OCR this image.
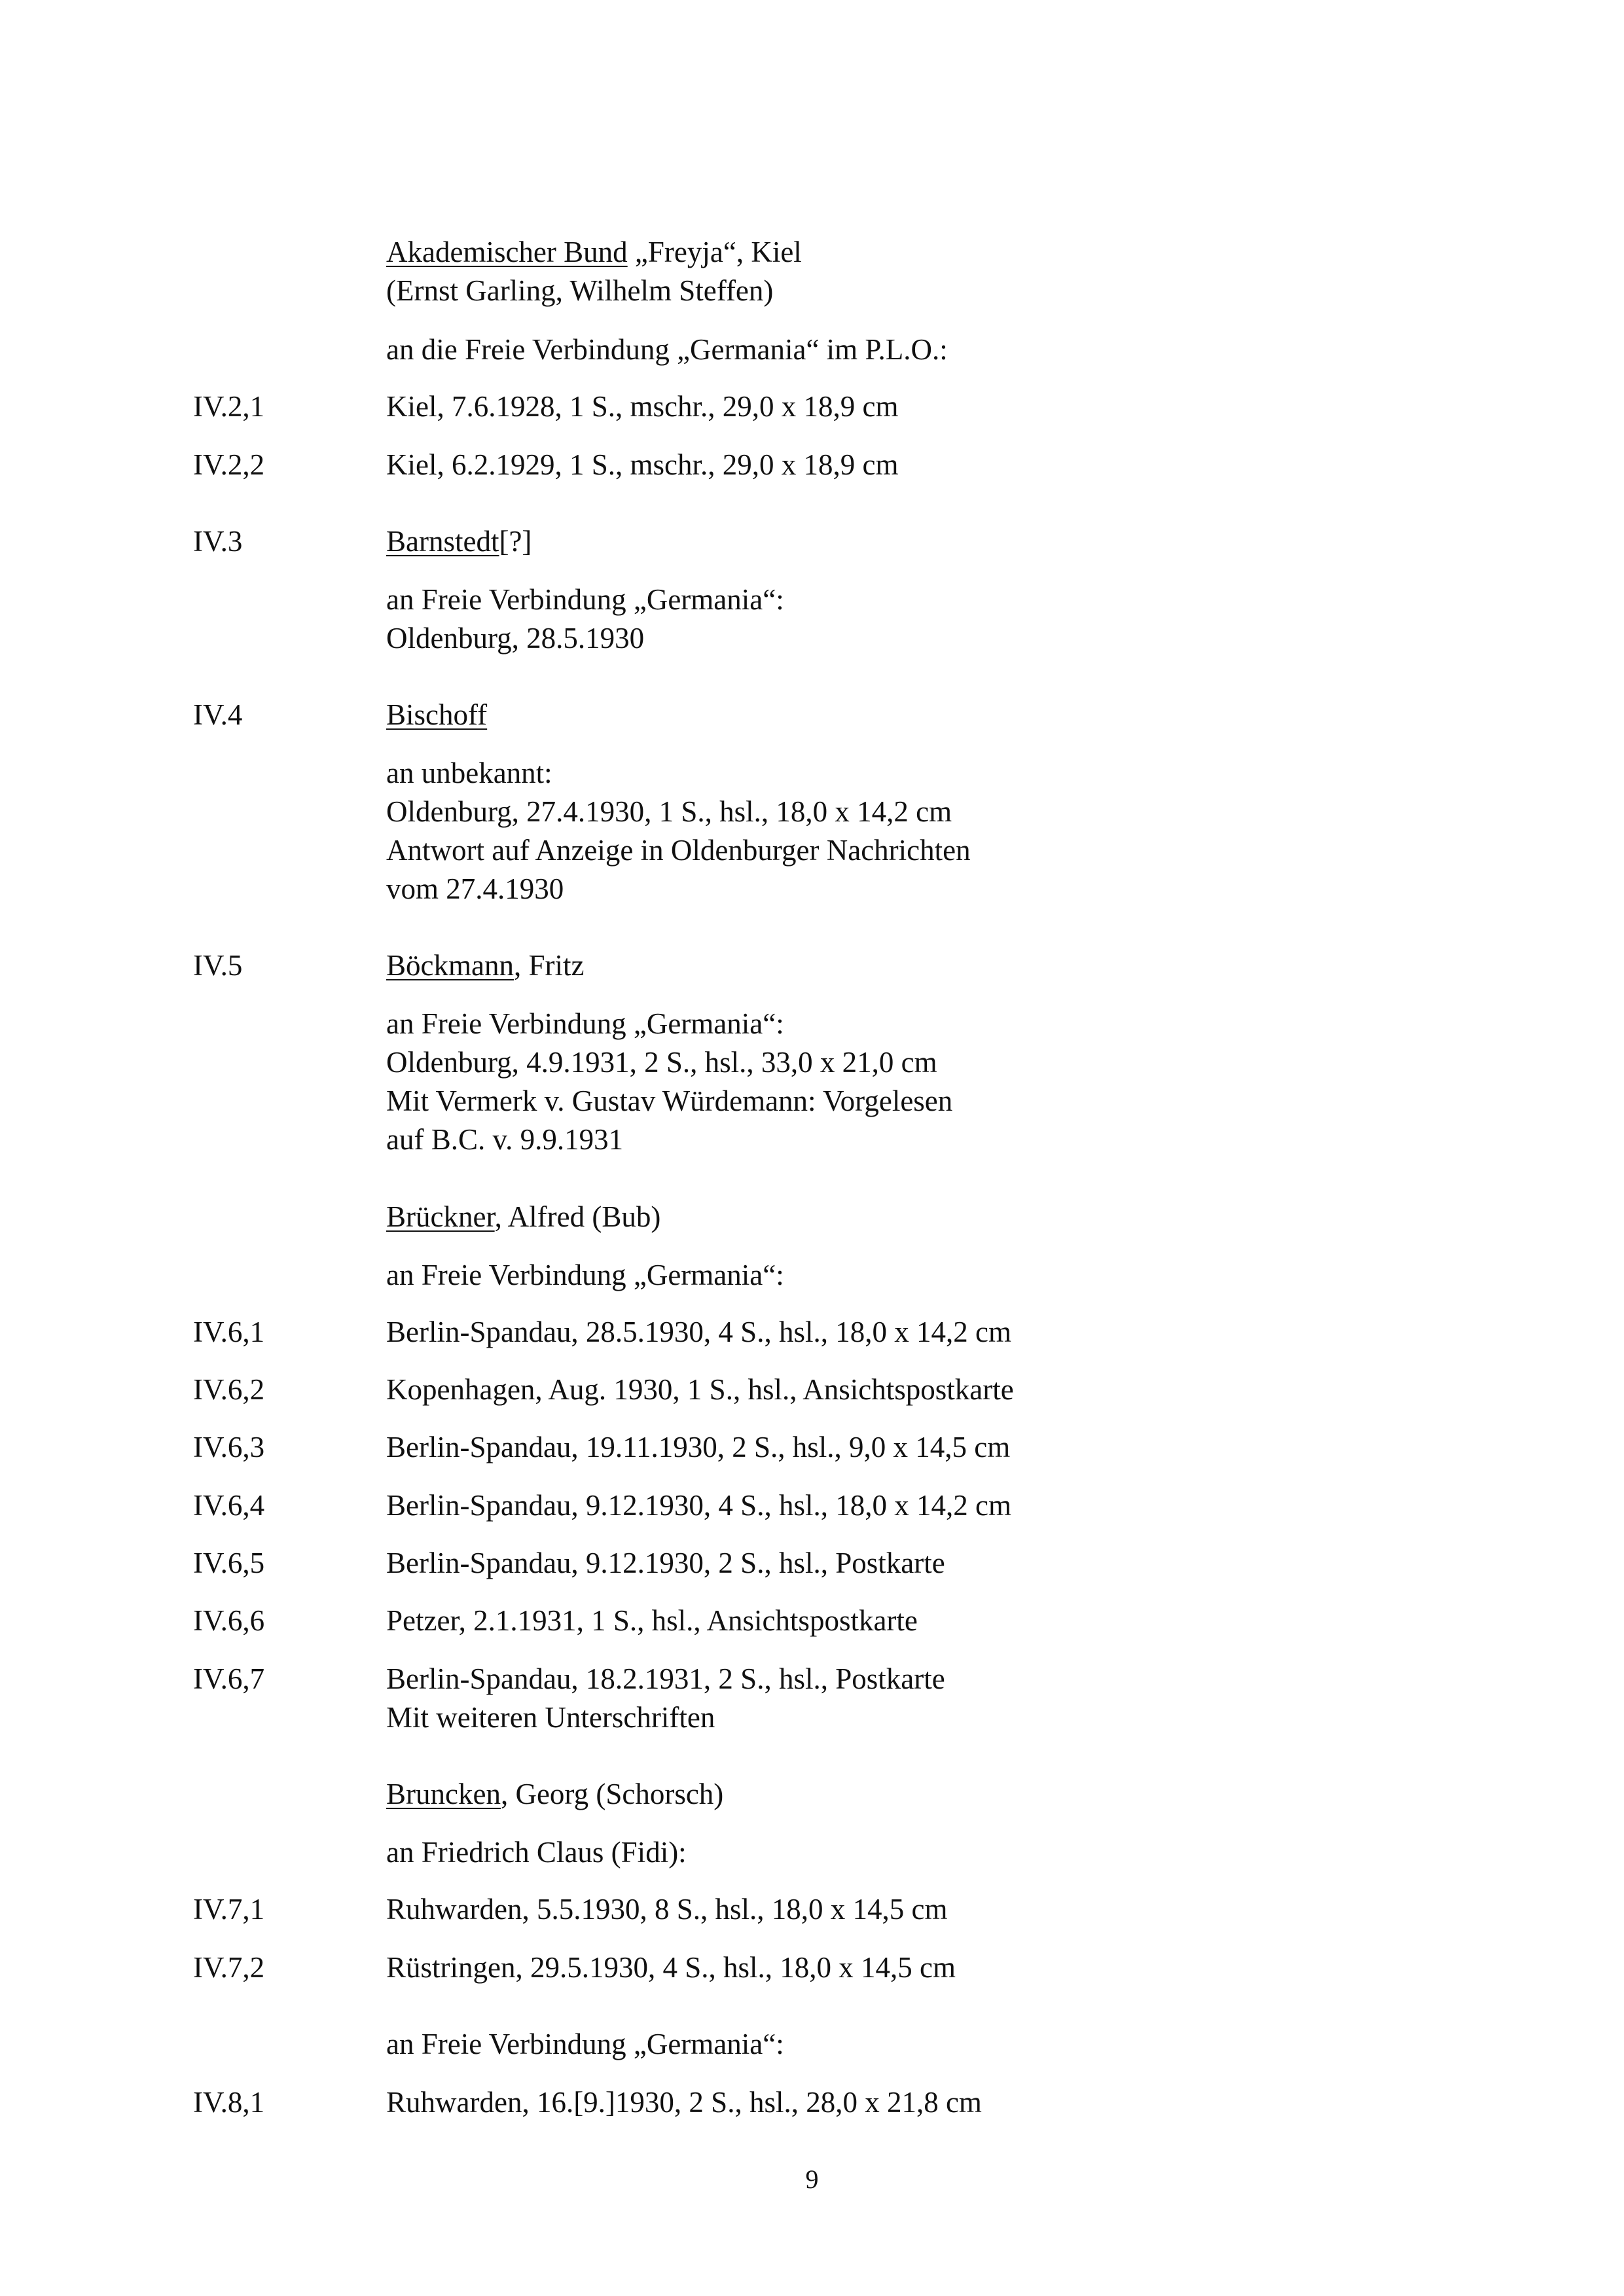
Akademischer Bund „Freyja“, Kiel
(Ernst Garling, Wilhelm Steffen)
an die Freie Verbindung „Germania“ im P.L.O.:
IV.2,1	Kiel, 7.6.1928, 1 S., mschr., 29,0 x 18,9 cm
IV.2,2	Kiel, 6.2.1929, 1 S., mschr., 29,0 x 18,9 cm
IV.3	Barnstedt[?]
an Freie Verbindung „Germania“:
Oldenburg, 28.5.1930
IV.4	Bischoff
an unbekannt:
Oldenburg, 27.4.1930, 1 S., hsl., 18,0 x 14,2 cm
Antwort auf Anzeige in Oldenburger Nachrichten
vom 27.4.1930
IV.5	Böckmann, Fritz
an Freie Verbindung „Germania“:
Oldenburg, 4.9.1931, 2 S., hsl., 33,0 x 21,0 cm
Mit Vermerk v. Gustav Würdemann: Vorgelesen
auf B.C. v. 9.9.1931
Brückner, Alfred (Bub)
an Freie Verbindung „Germania“:
IV.6,1	Berlin-Spandau, 28.5.1930, 4 S., hsl., 18,0 x 14,2 cm
IV.6,2	Kopenhagen, Aug. 1930, 1 S., hsl., Ansichtspostkarte
IV.6,3	Berlin-Spandau, 19.11.1930, 2 S., hsl., 9,0 x 14,5 cm
IV.6,4	Berlin-Spandau, 9.12.1930, 4 S., hsl., 18,0 x 14,2 cm
IV.6,5	Berlin-Spandau, 9.12.1930, 2 S., hsl., Postkarte
IV.6,6	Petzer, 2.1.1931, 1 S., hsl., Ansichtspostkarte
IV.6,7	Berlin-Spandau, 18.2.1931, 2 S., hsl., Postkarte
Mit weiteren Unterschriften
Bruncken, Georg (Schorsch)
an Friedrich Claus (Fidi):
IV.7,1	Ruhwarden, 5.5.1930, 8 S., hsl., 18,0 x 14,5 cm
IV.7,2	Rüstringen, 29.5.1930, 4 S., hsl., 18,0 x 14,5 cm
an Freie Verbindung „Germania“:
IV.8,1	Ruhwarden, 16.[9.]1930, 2 S., hsl., 28,0 x 21,8 cm
9
